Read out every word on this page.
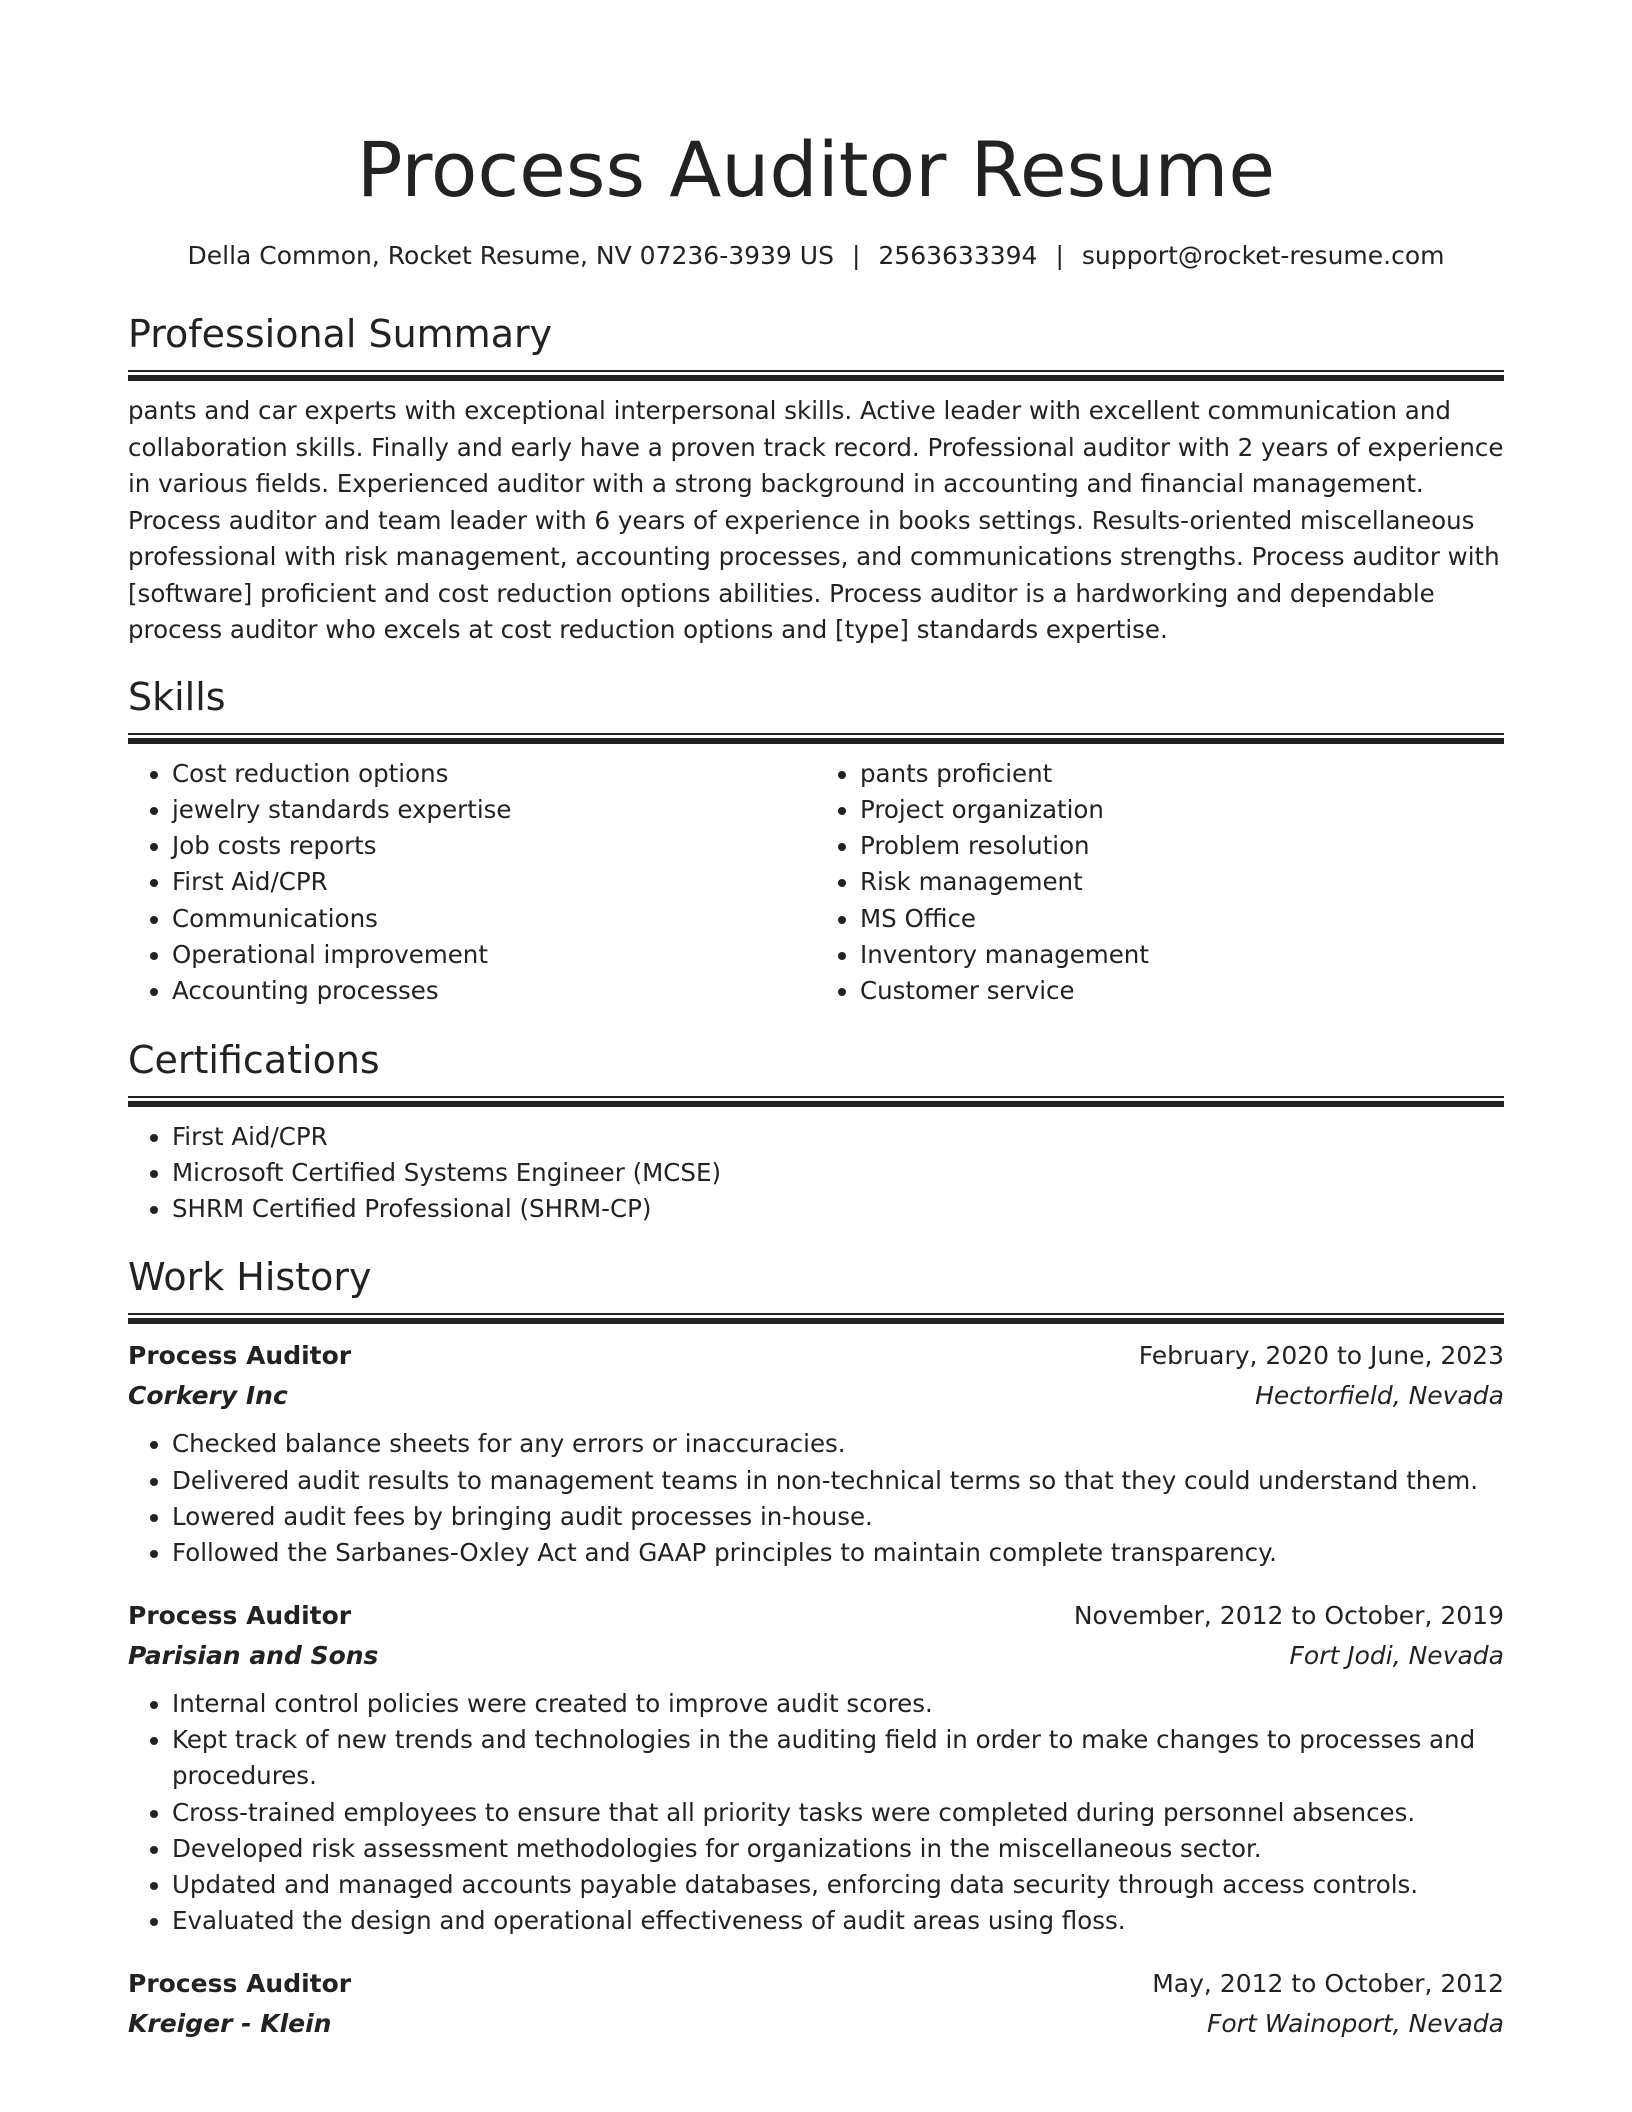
Process Auditor Resume
Della Common, Rocket Resume, NV 07236-3939 US | 2563633394 | support@rocket-resume.com
Professional Summary

pants and car experts with exceptional interpersonal skills. Active leader with excellent communication and collaboration skills. Finally and early have a proven track record. Professional auditor with 2 years of experience in various fields. Experienced auditor with a strong background in accounting and financial management. Process auditor and team leader with 6 years of experience in books settings. Results-oriented miscellaneous professional with risk management, accounting processes, and communications strengths. Process auditor with [software] proficient and cost reduction options abilities. Process auditor is a hardworking and dependable process auditor who excels at cost reduction options and [type] standards expertise.

Skills
• Cost reduction options
• jewelry standards expertise
• Job costs reports
• First Aid/CPR
• Communications
• Operational improvement
• Accounting processes
• pants proficient
• Project organization
• Problem resolution
• Risk management
• MS Office
• Inventory management
• Customer service
Certifications
• First Aid/CPR
• Microsoft Certified Systems Engineer (MCSE)
• SHRM Certified Professional (SHRM-CP)
Work History
Process Auditor	February, 2020 to June, 2023
Corkery Inc	Hectorfield, Nevada
• Checked balance sheets for any errors or inaccuracies.
• Delivered audit results to management teams in non-technical terms so that they could understand them.
• Lowered audit fees by bringing audit processes in-house.
• Followed the Sarbanes-Oxley Act and GAAP principles to maintain complete transparency.
Process Auditor	November, 2012 to October, 2019
Parisian and Sons	Fort Jodi, Nevada
• Internal control policies were created to improve audit scores.
• Kept track of new trends and technologies in the auditing field in order to make changes to processes and procedures.
• Cross-trained employees to ensure that all priority tasks were completed during personnel absences.
• Developed risk assessment methodologies for organizations in the miscellaneous sector.
• Updated and managed accounts payable databases, enforcing data security through access controls.
• Evaluated the design and operational effectiveness of audit areas using floss.
Process Auditor	May, 2012 to October, 2012
Kreiger - Klein	Fort Wainoport, Nevada
